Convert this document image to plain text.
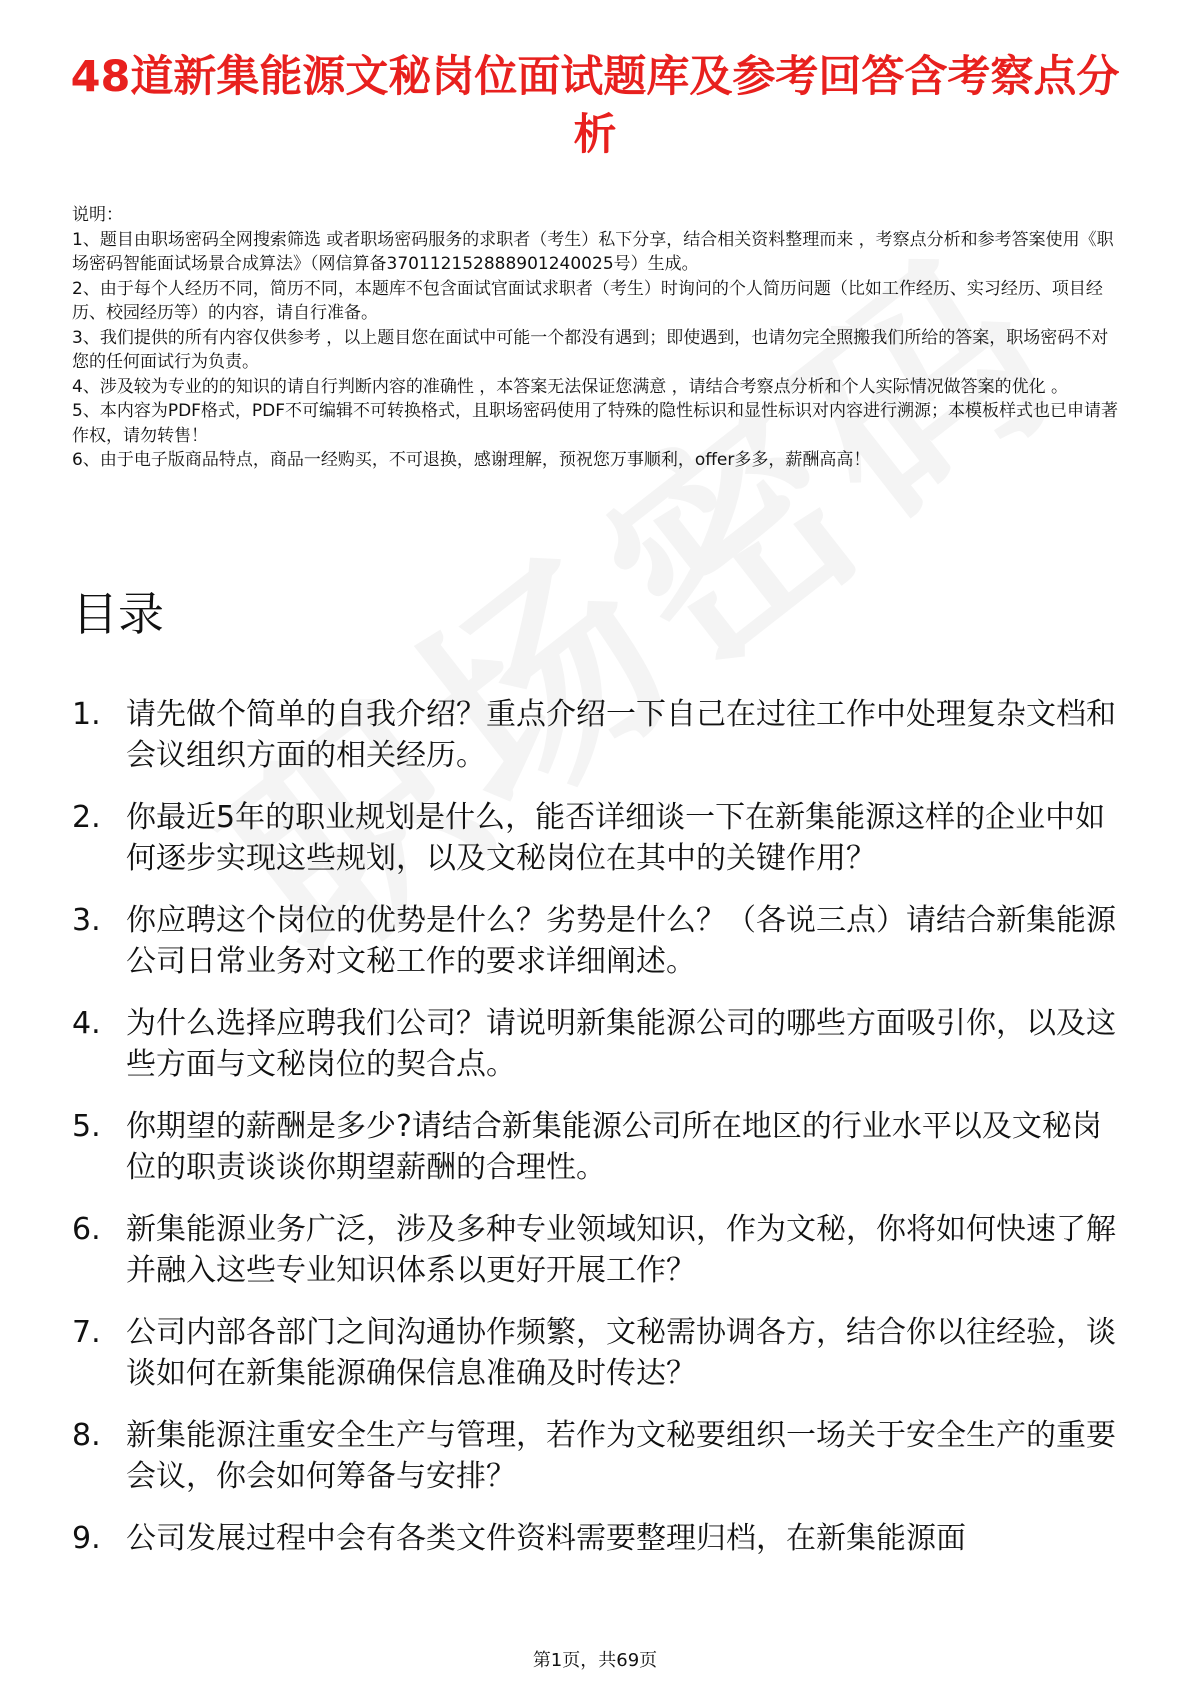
48道新集能源文秘岗位面试题库及参考回答含考察点分析
说明：
1、题目由职场密码全网搜索筛选 或者职场密码服务的求职者（考生）私下分享，结合相关资料整理而来 ，考察点分析和参考答案使用《职场密码智能面试场景合成算法》（网信算备370112152888901240025号）生成。
2、由于每个人经历不同，简历不同，本题库不包含面试官面试求职者（考生）时询问的个人简历问题（比如工作经历、实习经历、项目经历、校园经历等）的内容，请自行准备。
3、我们提供的所有内容仅供参考 ，以上题目您在面试中可能一个都没有遇到；即使遇到，也请勿完全照搬我们所给的答案，职场密码不对您的任何面试行为负责。
4、涉及较为专业的的知识的请自行判断内容的准确性 ，本答案无法保证您满意 ，请结合考察点分析和个人实际情况做答案的优化 。
5、本内容为PDF格式，PDF不可编辑不可转换格式，且职场密码使用了特殊的隐性标识和显性标识对内容进行溯源；本模板样式也已申请著作权，请勿转售！
6、由于电子版商品特点，商品一经购买，不可退换，感谢理解，预祝您万事顺利，offer多多，薪酬高高！
目录
1. 请先做个简单的自我介绍？重点介绍一下自己在过往工作中处理复杂文档和会议组织方面的相关经历。
2. 你最近5年的职业规划是什么，能否详细谈一下在新集能源这样的企业中如何逐步实现这些规划，以及文秘岗位在其中的关键作用？
3. 你应聘这个岗位的优势是什么？劣势是什么？（各说三点）请结合新集能源公司日常业务对文秘工作的要求详细阐述。
4. 为什么选择应聘我们公司？请说明新集能源公司的哪些方面吸引你，以及这些方面与文秘岗位的契合点。
5. 你期望的薪酬是多少?请结合新集能源公司所在地区的行业水平以及文秘岗位的职责谈谈你期望薪酬的合理性。
6. 新集能源业务广泛，涉及多种专业领域知识，作为文秘，你将如何快速了解并融入这些专业知识体系以更好开展工作？
7. 公司内部各部门之间沟通协作频繁，文秘需协调各方，结合你以往经验，谈谈如何在新集能源确保信息准确及时传达？
8. 新集能源注重安全生产与管理，若作为文秘要组织一场关于安全生产的重要会议，你会如何筹备与安排？
9. 公司发展过程中会有各类文件资料需要整理归档，在新集能源面
第1页，共69页
